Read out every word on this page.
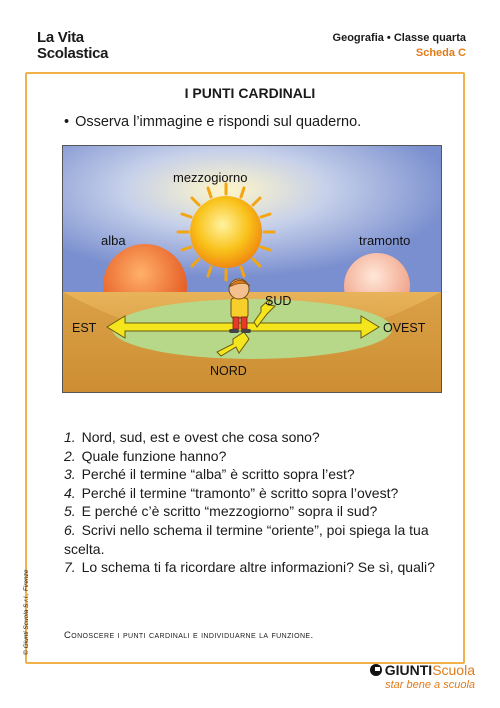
La Vita
Scolastica
Geografia • Classe quarta
Scheda C
I PUNTI CARDINALI
• Osserva l’immagine e rispondi sul quaderno.
mezzogiorno
alba	tramonto
SUD
EST	OVEST
NORD

1. Nord, sud, est e ovest che cosa sono?

2. Quale funzione hanno?

3. Perché il termine “alba” è scritto sopra l’est?

4. Perché il termine “tramonto” è scritto sopra l’ovest?

5. E perché c’è scritto “mezzogiorno” sopra il sud?

6. Scrivi nello schema il termine “oriente”, poi spiega la tua scelta.

7. Lo schema ti fa ricordare altre informazioni? Se sì, quali?

Conoscere i punti cardinali e individuarne la funzione.
© Giunti Scuola S.r.l., Firenze
GIUNTIScuola
star bene a scuola
